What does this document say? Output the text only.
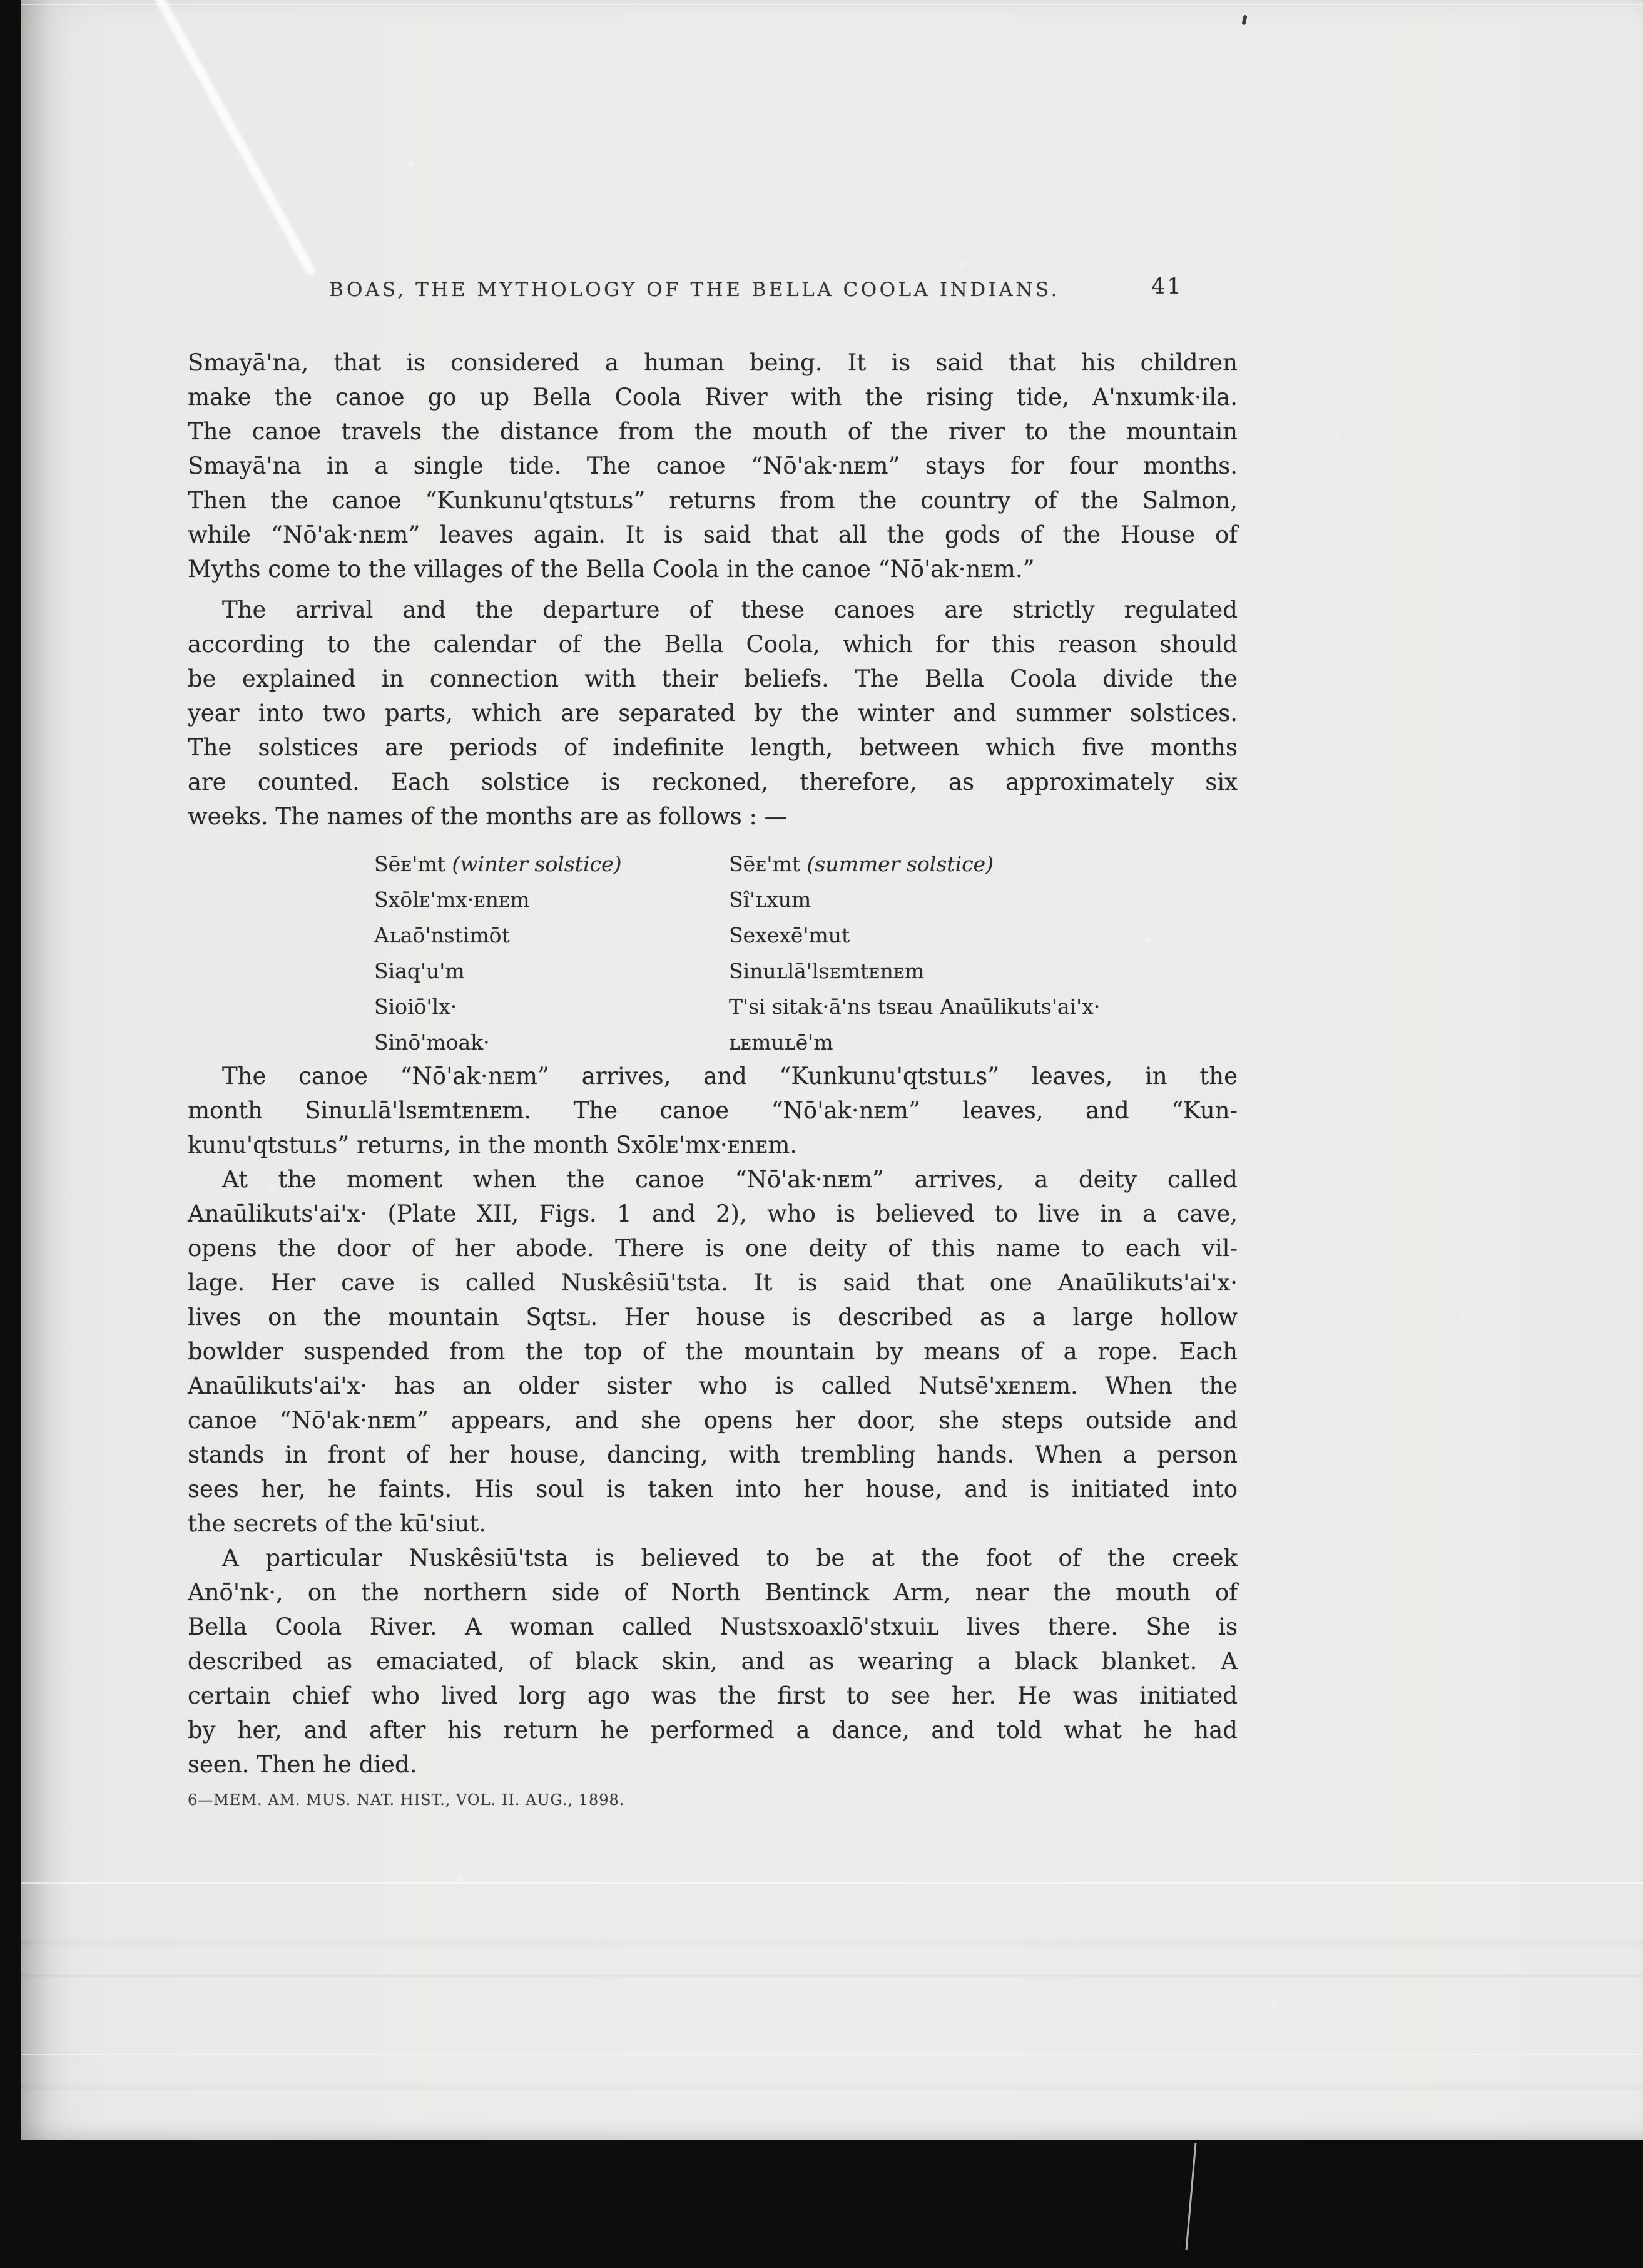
BOAS, THE MYTHOLOGY OF THE BELLA COOLA INDIANS.	41
Smayā'na, that is considered a human being. It is said that his children
make the canoe go up Bella Coola River with the rising tide, A'nxumk·ila.
The canoe travels the distance from the mouth of the river to the mountain
Smayā'na in a single tide. The canoe “Nō'ak·nᴇm” stays for four months.
Then the canoe “Kunkunu'qtstuʟs” returns from the country of the Salmon,
while “Nō'ak·nᴇm” leaves again. It is said that all the gods of the House of
Myths come to the villages of the Bella Coola in the canoe “Nō'ak·nᴇm.”
The arrival and the departure of these canoes are strictly regulated
according to the calendar of the Bella Coola, which for this reason should
be explained in connection with their beliefs. The Bella Coola divide the
year into two parts, which are separated by the winter and summer solstices.
The solstices are periods of indefinite length, between which five months
are counted. Each solstice is reckoned, therefore, as approximately six
weeks. The names of the months are as follows : —
Sēᴇ'mt (winter solstice)	Sēᴇ'mt (summer solstice)
Sxōlᴇ'mx·ᴇnᴇm	Sî'ʟxum
Aʟaō'nstimōt	Sexexē'mut
Siaq'u'm	Sinuʟlā'lsᴇmtᴇnᴇm
Sioiō'lx·	T'si sitak·ā'ns tsᴇau Anaūlikuts'ai'x·
Sinō'moak·	ʟᴇmuʟē'm
The canoe “Nō'ak·nᴇm” arrives, and “Kunkunu'qtstuʟs” leaves, in the
month Sinuʟlā'lsᴇmtᴇnᴇm. The canoe “Nō'ak·nᴇm” leaves, and “Kun-
kunu'qtstuʟs” returns, in the month Sxōlᴇ'mx·ᴇnᴇm.
At the moment when the canoe “Nō'ak·nᴇm” arrives, a deity called
Anaūlikuts'ai'x· (Plate XII, Figs. 1 and 2), who is believed to live in a cave,
opens the door of her abode. There is one deity of this name to each vil-
lage. Her cave is called Nuskêsiū'tsta. It is said that one Anaūlikuts'ai'x·
lives on the mountain Sqtsʟ. Her house is described as a large hollow
bowlder suspended from the top of the mountain by means of a rope. Each
Anaūlikuts'ai'x· has an older sister who is called Nutsē'xᴇnᴇm. When the
canoe “Nō'ak·nᴇm” appears, and she opens her door, she steps outside and
stands in front of her house, dancing, with trembling hands. When a person
sees her, he faints. His soul is taken into her house, and is initiated into
the secrets of the kū'siut.
A particular Nuskêsiū'tsta is believed to be at the foot of the creek
Anō'nk·, on the northern side of North Bentinck Arm, near the mouth of
Bella Coola River. A woman called Nustsxoaxlō'stxuiʟ lives there. She is
described as emaciated, of black skin, and as wearing a black blanket. A
certain chief who lived lorg ago was the first to see her. He was initiated
by her, and after his return he performed a dance, and told what he had
seen. Then he died.
6—MEM. AM. MUS. NAT. HIST., VOL. II. AUG., 1898.
